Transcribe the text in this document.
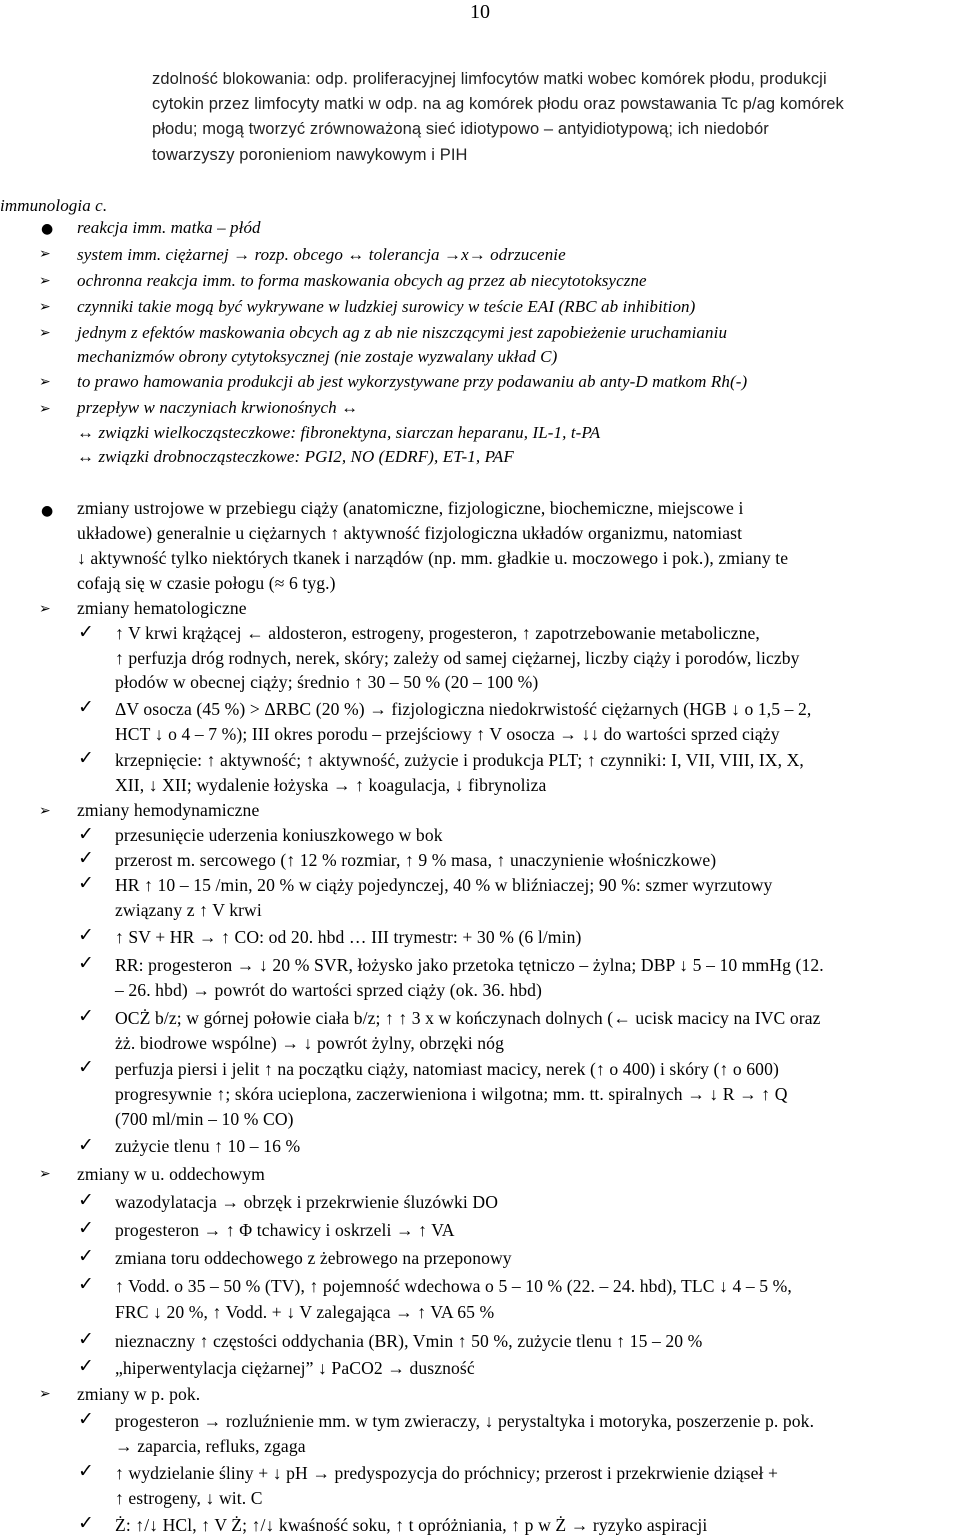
10
zdolność blokowania: odp. proliferacyjnej limfocytów matki wobec komórek płodu, produkcji
cytokin przez limfocyty matki w odp. na ag komórek płodu oraz powstawania Tc p/ag komórek
płodu; mogą tworzyć zrównoważoną sieć idiotypowo – antyidiotypową; ich niedobór
towarzyszy poronieniom nawykowym i PIH
immunologia c.
● reakcja imm. matka – płód
➢ system imm. ciężarnej → rozp. obcego ↔ tolerancja →x→ odrzucenie
➢ ochronna reakcja imm. to forma maskowania obcych ag przez ab niecytotoksyczne
➢ czynniki takie mogą być wykrywane w ludzkiej surowicy w teście EAI (RBC ab inhibition)
➢ jednym z efektów maskowania obcych ag z ab nie niszczącymi jest zapobieżenie uruchamianiu
mechanizmów obrony cytytoksycznej (nie zostaje wyzwalany układ C)
➢ to prawo hamowania produkcji ab jest wykorzystywane przy podawaniu ab anty-D matkom Rh(-)
➢ przepływ w naczyniach krwionośnych ↔
↔ związki wielkocząsteczkowe: fibronektyna, siarczan heparanu, IL-1, t-PA
↔ związki drobnocząsteczkowe: PGI2, NO (EDRF), ET-1, PAF
● zmiany ustrojowe w przebiegu ciąży (anatomiczne, fizjologiczne, biochemiczne, miejscowe i
układowe) generalnie u ciężarnych ↑ aktywność fizjologiczna układów organizmu, natomiast
↓ aktywność tylko niektórych tkanek i narządów (np. mm. gładkie u. moczowego i pok.), zmiany te
cofają się w czasie połogu (≈ 6 tyg.)
➢ zmiany hematologiczne
✓ ↑ V krwi krążącej ← aldosteron, estrogeny, progesteron, ↑ zapotrzebowanie metaboliczne,
↑ perfuzja dróg rodnych, nerek, skóry; zależy od samej ciężarnej, liczby ciąży i porodów, liczby
płodów w obecnej ciąży; średnio ↑ 30 – 50 % (20 – 100 %)
✓ ΔV osocza (45 %) > ΔRBC (20 %) → fizjologiczna niedokrwistość ciężarnych (HGB ↓ o 1,5 – 2,
HCT ↓ o 4 – 7 %); III okres porodu – przejściowy ↑ V osocza → ↓↓ do wartości sprzed ciąży
✓ krzepnięcie: ↑ aktywność; ↑ aktywność, zużycie i produkcja PLT; ↑ czynniki: I, VII, VIII, IX, X,
XII, ↓ XII; wydalenie łożyska → ↑ koagulacja, ↓ fibrynoliza
➢ zmiany hemodynamiczne
✓ przesunięcie uderzenia koniuszkowego w bok
✓ przerost m. sercowego (↑ 12 % rozmiar, ↑ 9 % masa, ↑ unaczynienie włośniczkowe)
✓ HR ↑ 10 – 15 /min, 20 % w ciąży pojedynczej, 40 % w bliźniaczej; 90 %: szmer wyrzutowy
związany z ↑ V krwi
✓ ↑ SV + HR → ↑ CO: od 20. hbd … III trymestr: + 30 % (6 l/min)
✓ RR: progesteron → ↓ 20 % SVR, łożysko jako przetoka tętniczo – żylna; DBP ↓ 5 – 10 mmHg (12.
– 26. hbd) → powrót do wartości sprzed ciąży (ok. 36. hbd)
✓ OCŻ b/z; w górnej połowie ciała b/z; ↑ ↑ 3 x w kończynach dolnych (← ucisk macicy na IVC oraz
żż. biodrowe wspólne) → ↓ powrót żylny, obrzęki nóg
✓ perfuzja piersi i jelit ↑ na początku ciąży, natomiast macicy, nerek (↑ o 400) i skóry (↑ o 600)
progresywnie ↑; skóra ucieplona, zaczerwieniona i wilgotna; mm. tt. spiralnych → ↓ R → ↑ Q
(700 ml/min – 10 % CO)
✓ zużycie tlenu ↑ 10 – 16 %
➢ zmiany w u. oddechowym
✓ wazodylatacja → obrzęk i przekrwienie śluzówki DO
✓ progesteron → ↑ Φ tchawicy i oskrzeli → ↑ VA
✓ zmiana toru oddechowego z żebrowego na przeponowy
✓ ↑ Vodd. o 35 – 50 % (TV), ↑ pojemność wdechowa o 5 – 10 % (22. – 24. hbd), TLC ↓ 4 – 5 %,
FRC ↓ 20 %, ↑ Vodd. + ↓ V zalegająca → ↑ VA 65 %
✓ nieznaczny ↑ częstości oddychania (BR), Vmin ↑ 50 %, zużycie tlenu ↑ 15 – 20 %
✓ „hiperwentylacja ciężarnej” ↓ PaCO2 → duszność
➢ zmiany w p. pok.
✓ progesteron → rozluźnienie mm. w tym zwieraczy, ↓ perystaltyka i motoryka, poszerzenie p. pok.
→ zaparcia, refluks, zgaga
✓ ↑ wydzielanie śliny + ↓ pH → predyspozycja do próchnicy; przerost i przekrwienie dziąseł +
↑ estrogeny, ↓ wit. C
✓ Ż: ↑/↓ HCl, ↑ V Ż; ↑/↓ kwaśność soku, ↑ t opróżniania, ↑ p w Ż → ryzyko aspiracji
